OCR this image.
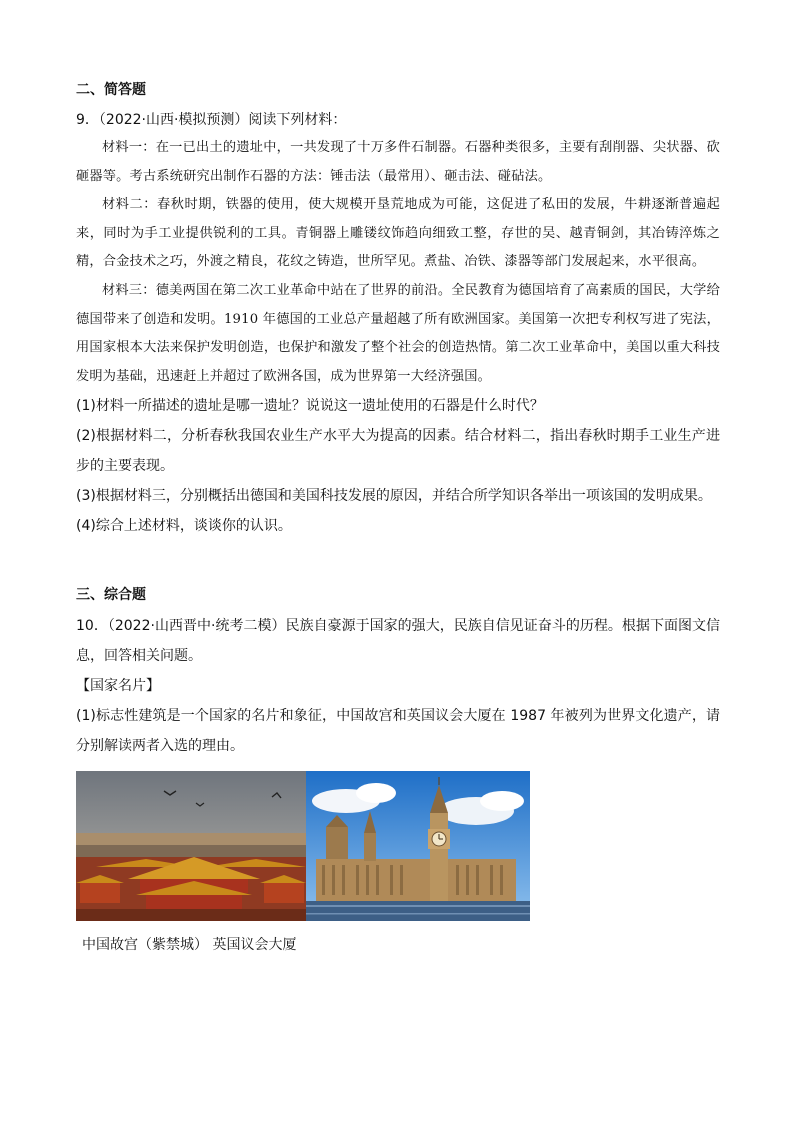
二、简答题
9．（2022·山西·模拟预测）阅读下列材料：

材料一：在一已出土的遗址中，一共发现了十万多件石制器。石器种类很多，主要有刮削器、尖状器、砍砸器等。考古系统研究出制作石器的方法：锤击法（最常用）、砸击法、碰砧法。

材料二：春秋时期，铁器的使用，使大规模开垦荒地成为可能，这促进了私田的发展，牛耕逐渐普遍起来，同时为手工业提供锐利的工具。青铜器上雕镂纹饰趋向细致工整，存世的吴、越青铜剑，其冶铸淬炼之精，合金技术之巧，外渡之精良，花纹之铸造，世所罕见。煮盐、冶铁、漆器等部门发展起来，水平很高。

材料三：德美两国在第二次工业革命中站在了世界的前沿。全民教育为德国培育了高素质的国民，大学给德国带来了创造和发明。1910 年德国的工业总产量超越了所有欧洲国家。美国第一次把专利权写进了宪法，用国家根本大法来保护发明创造，也保护和激发了整个社会的创造热情。第二次工业革命中，美国以重大科技发明为基础，迅速赶上并超过了欧洲各国，成为世界第一大经济强国。

(1)材料一所描述的遗址是哪一遗址？说说这一遗址使用的石器是什么时代？

(2)根据材料二，分析春秋我国农业生产水平大为提高的因素。结合材料二，指出春秋时期手工业生产进步的主要表现。

(3)根据材料三，分别概括出德国和美国科技发展的原因，并结合所学知识各举出一项该国的发明成果。

(4)综合上述材料，谈谈你的认识。

三、综合题

10．（2022·山西晋中·统考二模）民族自豪源于国家的强大，民族自信见证奋斗的历程。根据下面图文信息，回答相关问题。

【国家名片】

(1)标志性建筑是一个国家的名片和象征，中国故宫和英国议会大厦在 1987 年被列为世界文化遗产，请分别解读两者入选的理由。

中国故宫（紫禁城） 英国议会大厦
